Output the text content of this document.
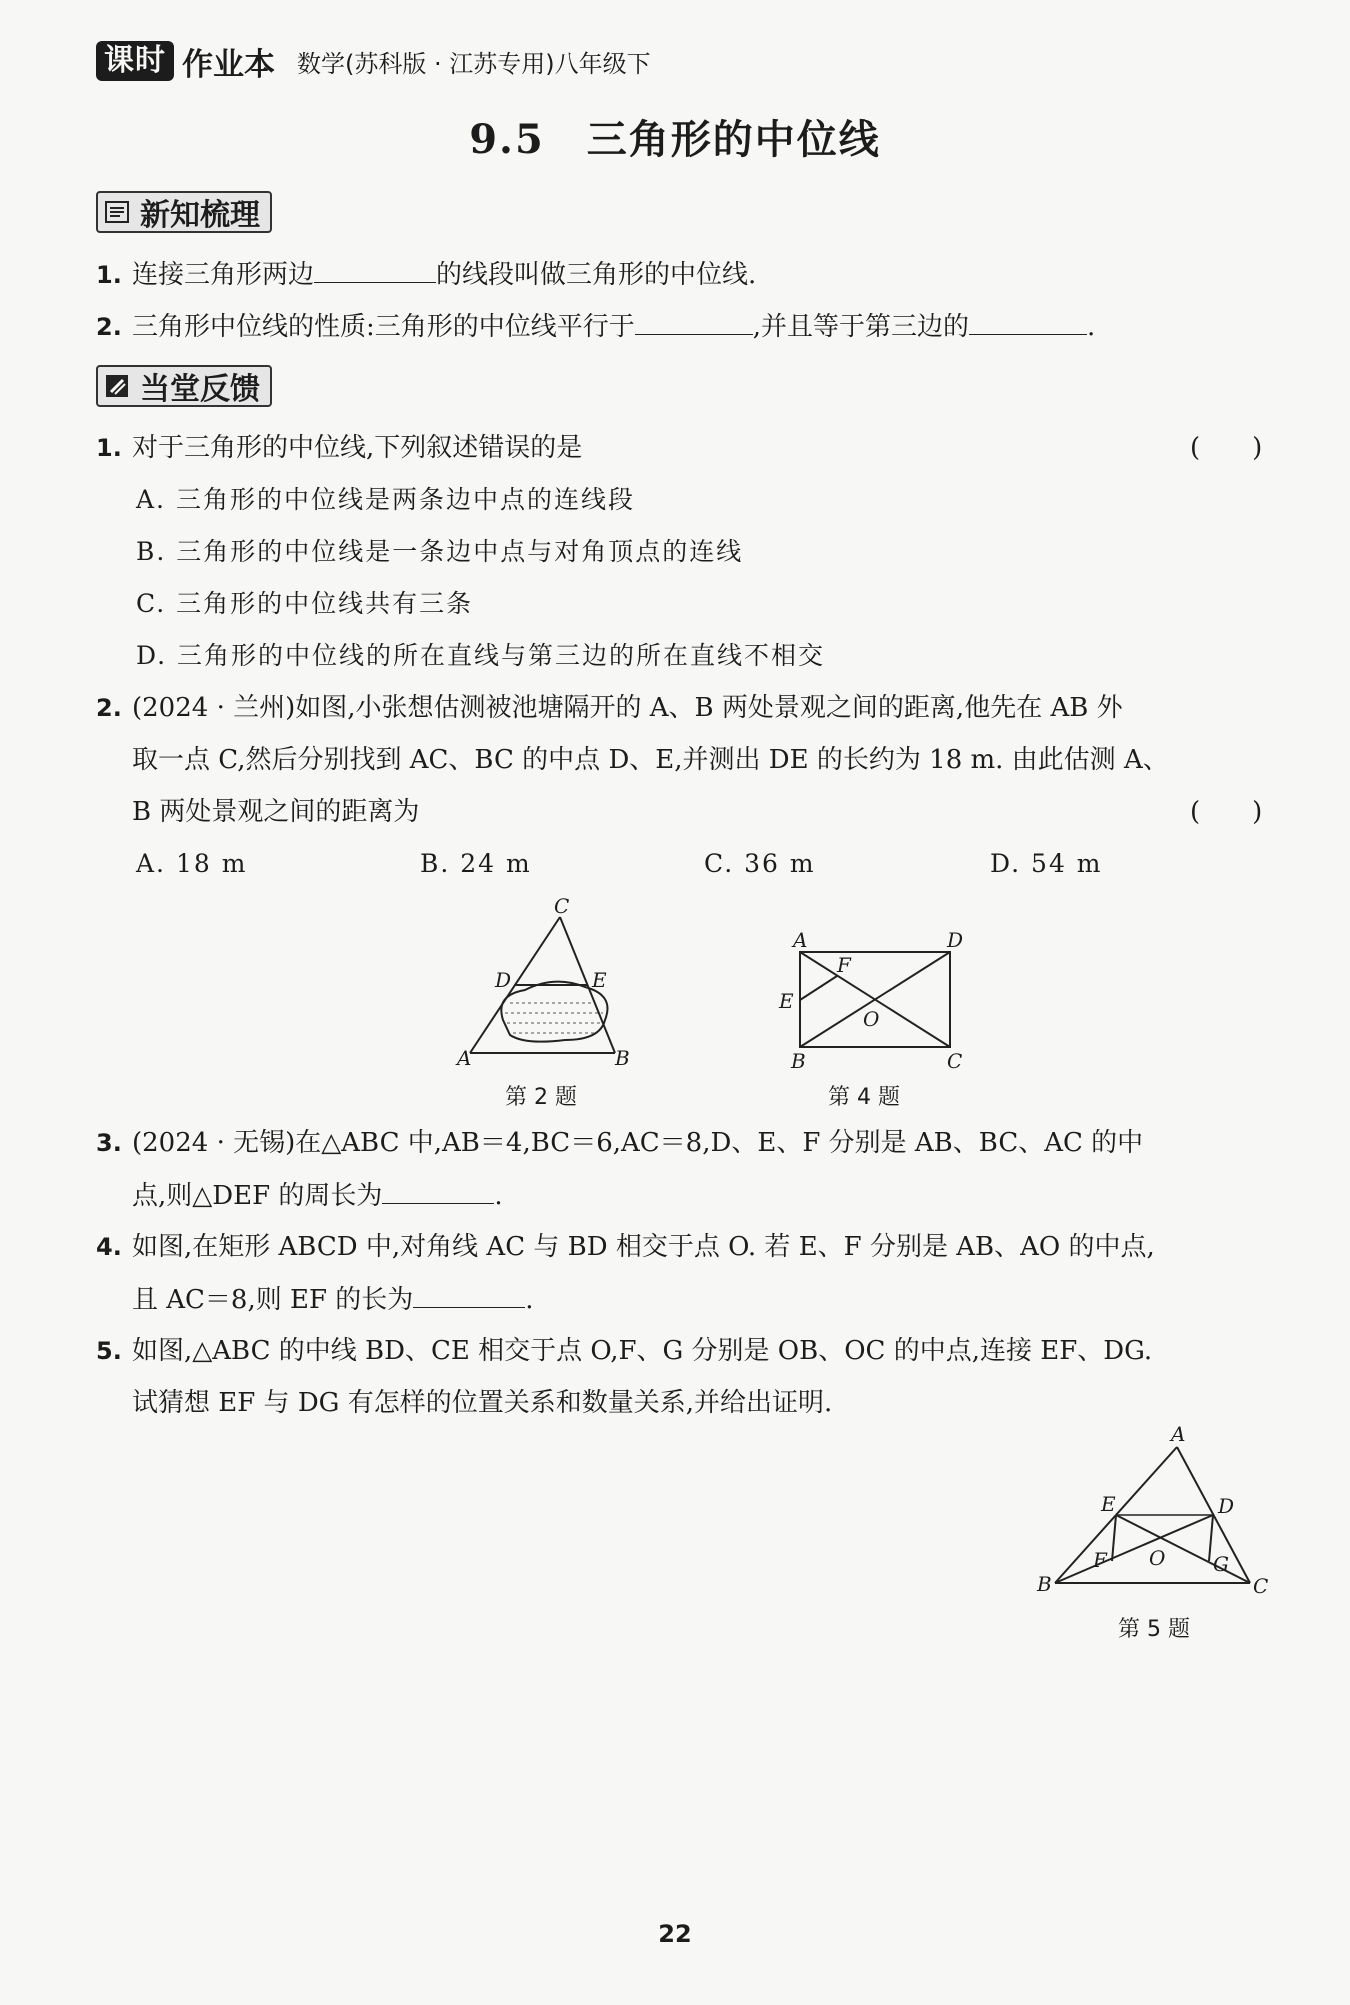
课时 作业本 数学(苏科版 · 江苏专用)八年级下
9.5　三角形的中位线
新知梳理
1. 连接三角形两边	的线段叫做三角形的中位线.
2. 三角形中位线的性质:三角形的中位线平行于	,并且等于第三边的	.
当堂反馈
1. 对于三角形的中位线,下列叙述错误的是	(　　)
A. 三角形的中位线是两条边中点的连线段
B. 三角形的中位线是一条边中点与对角顶点的连线
C. 三角形的中位线共有三条
D. 三角形的中位线的所在直线与第三边的所在直线不相交
2. (2024 · 兰州)如图,小张想估测被池塘隔开的 A、B 两处景观之间的距离,他先在 AB 外
取一点 C,然后分别找到 AC、BC 的中点 D、E,并测出 DE 的长约为 18 m. 由此估测 A、
B 两处景观之间的距离为	(　　)
A. 18 m	B. 24 m	C. 36 m	D. 54 m
C
D	E
A	B
第 2 题
A	D
F
E
O
B	C
第 4 题
3. (2024 · 无锡)在△ABC 中,AB＝4,BC＝6,AC＝8,D、E、F 分别是 AB、BC、AC 的中
点,则△DEF 的周长为	.
4. 如图,在矩形 ABCD 中,对角线 AC 与 BD 相交于点 O. 若 E、F 分别是 AB、AO 的中点,
且 AC＝8,则 EF 的长为	.
5. 如图,△ABC 的中线 BD、CE 相交于点 O,F、G 分别是 OB、OC 的中点,连接 EF、DG.
试猜想 EF 与 DG 有怎样的位置关系和数量关系,并给出证明.
A
E	D
F O G
B	C
第 5 题
22
